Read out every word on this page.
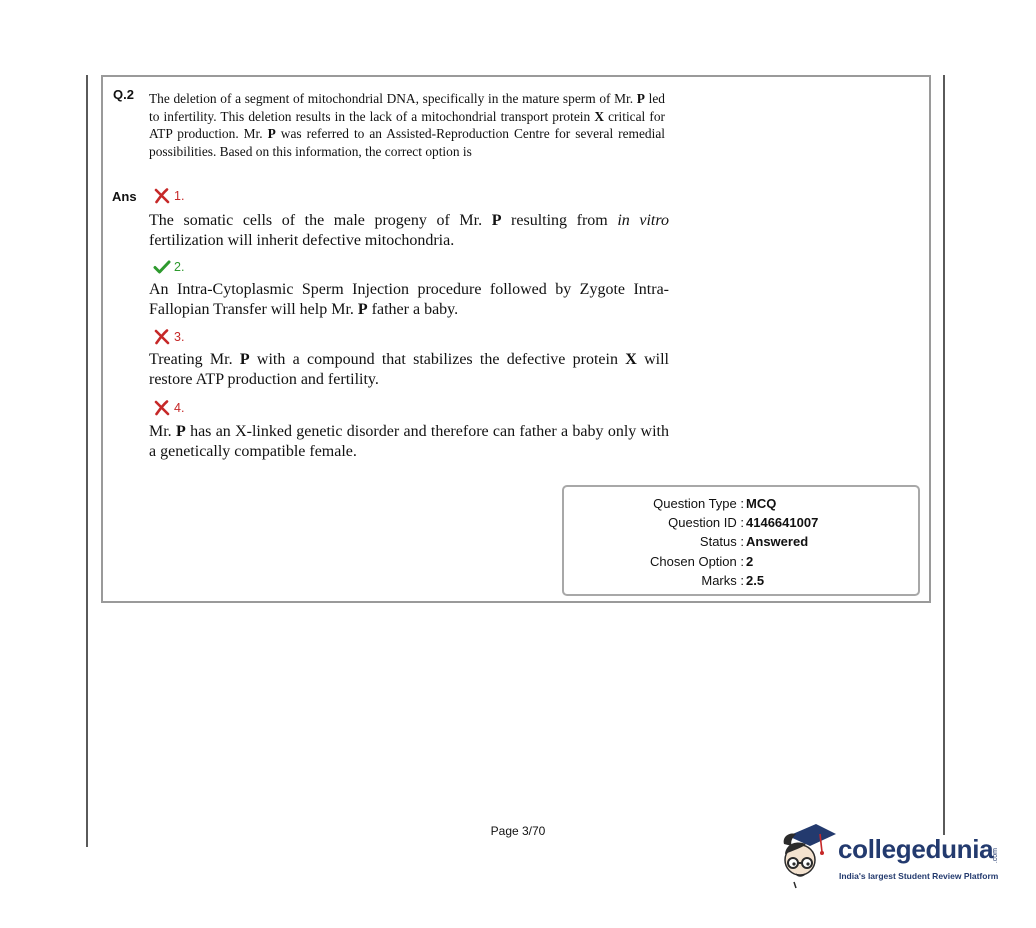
Q.2 The deletion of a segment of mitochondrial DNA, specifically in the mature sperm of Mr. P led to infertility. This deletion results in the lack of a mitochondrial transport protein X critical for ATP production. Mr. P was referred to an Assisted-Reproduction Centre for several remedial possibilities. Based on this information, the correct option is
Ans	1.
The somatic cells of the male progeny of Mr. P resulting from in vitro fertilization will inherit defective mitochondria.
2.
An Intra-Cytoplasmic Sperm Injection procedure followed by Zygote Intra-Fallopian Transfer will help Mr. P father a baby.
3.
Treating Mr. P with a compound that stabilizes the defective protein X will restore ATP production and fertility.
4.
Mr. P has an X-linked genetic disorder and therefore can father a baby only with a genetically compatible female.
Question Type : MCQ
Question ID : 4146641007
Status : Answered
Chosen Option : 2
Marks : 2.5
Page 3/70
collegedunia
.com
India's largest Student Review Platform
